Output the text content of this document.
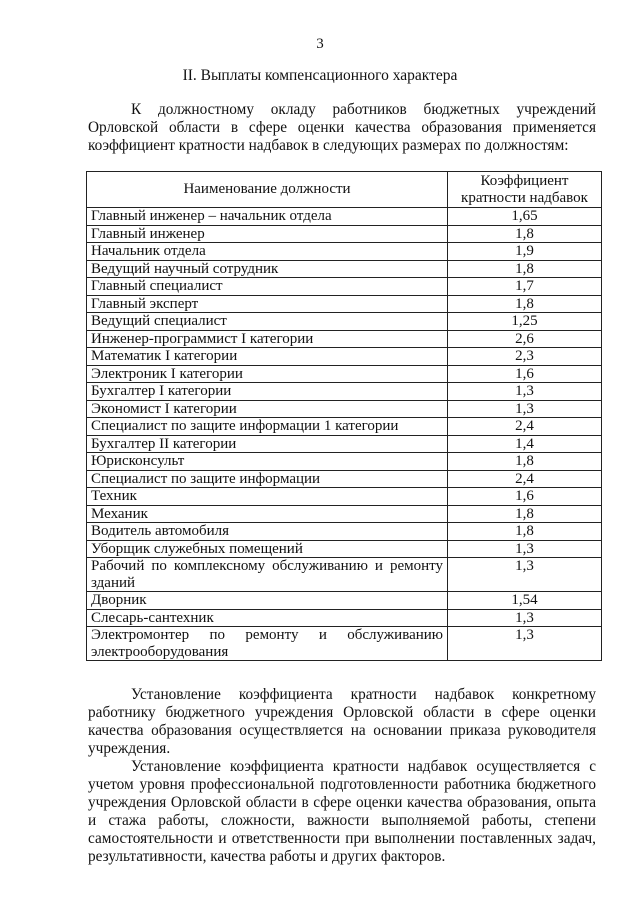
3
II. Выплаты компенсационного характера

К должностному окладу работников бюджетных учреждений Орловской области в сфере оценки качества образования применяется коэффициент кратности надбавок в следующих размерах по должностям:

Наименование должности	Коэффициент кратности надбавок
Главный инженер – начальник отдела	1,65
Главный инженер	1,8
Начальник отдела	1,9
Ведущий научный сотрудник	1,8
Главный специалист	1,7
Главный эксперт	1,8
Ведущий специалист	1,25
Инженер-программист I категории	2,6
Математик I категории	2,3
Электроник I категории	1,6
Бухгалтер I категории	1,3
Экономист I категории	1,3
Специалист по защите информации 1 категории	2,4
Бухгалтер II категории	1,4
Юрисконсульт	1,8
Специалист по защите информации	2,4
Техник	1,6
Механик	1,8
Водитель автомобиля	1,8
Уборщик служебных помещений	1,3
Рабочий по комплексному обслуживанию и ремонту зданий	1,3
Дворник	1,54
Слесарь-сантехник	1,3
Электромонтер по ремонту и обслуживанию электрооборудования	1,3

Установление коэффициента кратности надбавок конкретному работнику бюджетного учреждения Орловской области в сфере оценки качества образования осуществляется на основании приказа руководителя учреждения.

Установление коэффициента кратности надбавок осуществляется с учетом уровня профессиональной подготовленности работника бюджетного учреждения Орловской области в сфере оценки качества образования, опыта и стажа работы, сложности, важности выполняемой работы, степени самостоятельности и ответственности при выполнении поставленных задач, результативности, качества работы и других факторов.
